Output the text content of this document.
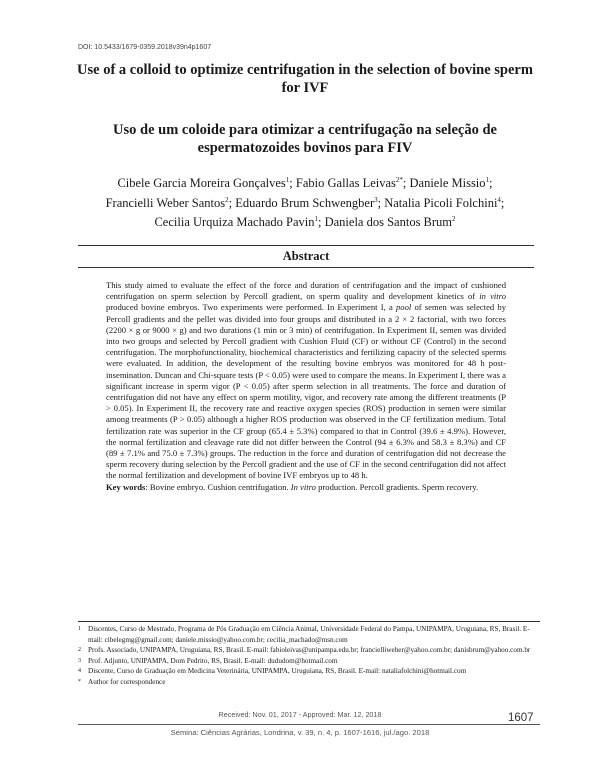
DOI: 10.5433/1679-0359.2018v39n4p1607
Use of a colloid to optimize centrifugation in the selection of bovine sperm for IVF
Uso de um coloide para otimizar a centrifugação na seleção de espermatozoides bovinos para FIV
Cibele Garcia Moreira Gonçalves$^1$; Fabio Gallas Leivas$^{2*}$; Daniele Missio$^1$;
Francielli Weber Santos$^2$; Eduardo Brum Schwengber$^3$; Natalia Picoli Folchini$^4$;
Cecilia Urquiza Machado Pavin$^1$; Daniela dos Santos Brum$^2$
Abstract

This study aimed to evaluate the effect of the force and duration of centrifugation and the impact of cushioned centrifugation on sperm selection by Percoll gradient, on sperm quality and development kinetics of in vitro produced bovine embryos. Two experiments were performed. In Experiment I, a pool of semen was selected by Percoll gradients and the pellet was divided into four groups and distributed in a 2 × 2 factorial, with two forces (2200 × g or 9000 × g) and two durations (1 min or 3 min) of centrifugation. In Experiment II, semen was divided into two groups and selected by Percoll gradient with Cushion Fluid (CF) or without CF (Control) in the second centrifugation. The morphofunctionality, biochemical characteristics and fertilizing capacity of the selected sperms were evaluated. In addition, the development of the resulting bovine embryos was monitored for 48 h post-insemination. Duncan and Chi-square tests (P < 0.05) were used to compare the means. In Experiment I, there was a significant increase in sperm vigor (P < 0.05) after sperm selection in all treatments. The force and duration of centrifugation did not have any effect on sperm motility, vigor, and recovery rate among the different treatments (P > 0.05). In Experiment II, the recovery rate and reactive oxygen species (ROS) production in semen were similar among treatments (P > 0.05) although a higher ROS production was observed in the CF fertilization medium. Total fertilization rate was superior in the CF group (65.4 ± 5.3%) compared to that in Control (39.6 ± 4.9%). However, the normal fertilization and cleavage rate did not differ between the Control (94 ± 6.3% and 58.3 ± 8.3%) and CF (89 ± 7.1% and 75.0 ± 7.3%) groups. The reduction in the force and duration of centrifugation did not decrease the sperm recovery during selection by the Percoll gradient and the use of CF in the second centrifugation did not affect the normal fertilization and development of bovine IVF embryos up to 48 h.

Key words: Bovine embryo. Cushion centrifugation. In vitro production. Percoll gradients. Sperm recovery.

1 Discentes, Curso de Mestrado, Programa de Pós Graduação em Ciência Animal, Universidade Federal do Pampa, UNIPAMPA, Uruguiana, RS, Brasil. E-mail: cibelegmg@gmail.com; daniele.missio@yahoo.com.br; cecilia_machado@msn.com
2 Profs. Associado, UNIPAMPA, Uruguiana, RS, Brasil. E-mail: fabioleivas@unipampa.edu.br; francielliweber@yahoo.com.br; danisbrum@yahoo.com.br
3 Prof. Adjunto, UNIPAMPA, Dom Pedrito, RS, Brasil. E-mail: dududom@hotmail.com
4 Discente, Curso de Graduação em Medicina Veterinária, UNIPAMPA, Uruguiana, RS, Brasil. E-mail: nataliafolchini@hotmail.com
* Author for correspondence
Received: Nov. 01, 2017 - Approved: Mar. 12, 2018	1607
Semina: Ciências Agrárias, Londrina, v. 39, n. 4, p. 1607-1616, jul./ago. 2018
